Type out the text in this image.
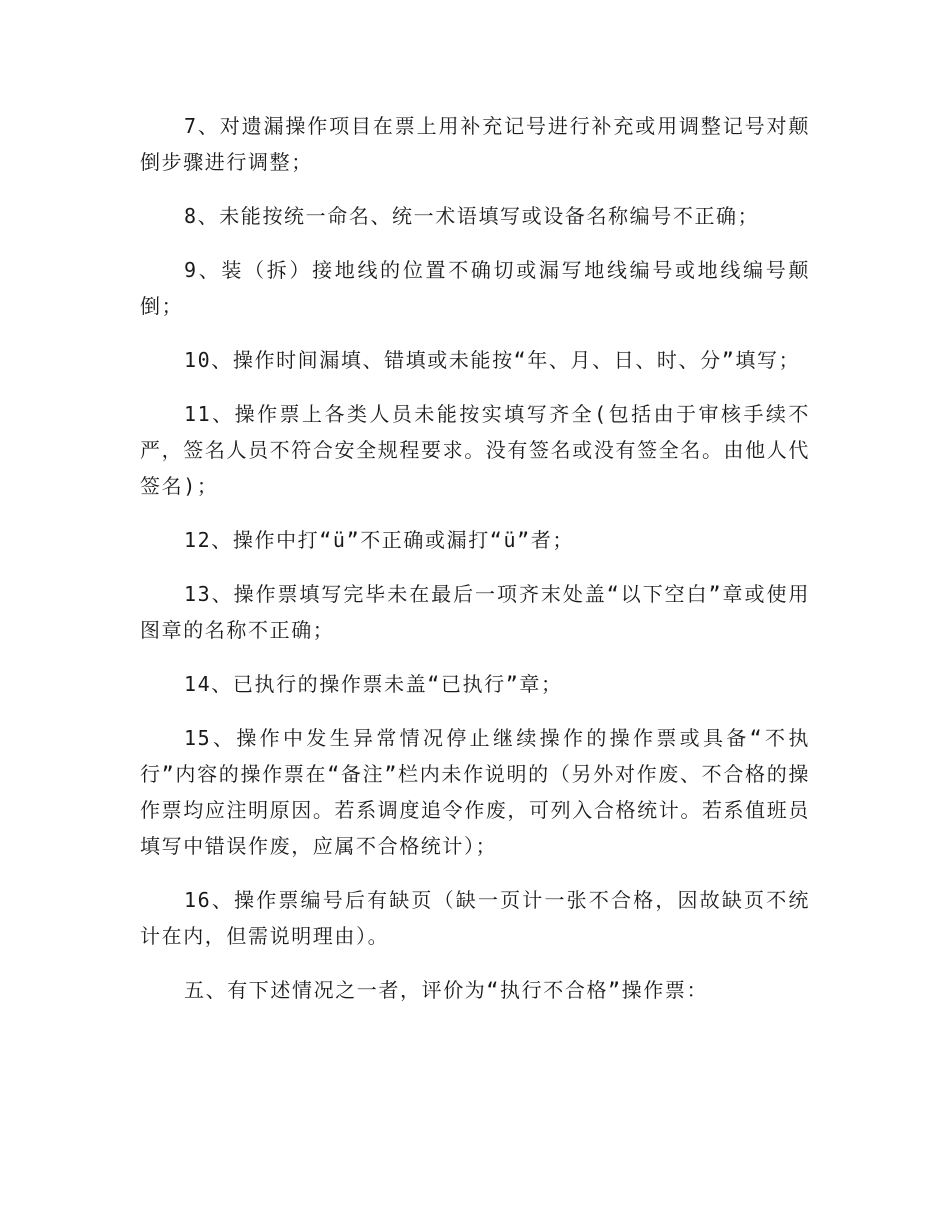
7、对遗漏操作项目在票上用补充记号进行补充或用调整记号对颠倒步骤进行调整；

8、未能按统一命名、统一术语填写或设备名称编号不正确；

9、装（拆）接地线的位置不确切或漏写地线编号或地线编号颠倒；

10、操作时间漏填、错填或未能按“年、月、日、时、分”填写；

11、操作票上各类人员未能按实填写齐全(包括由于审核手续不严，签名人员不符合安全规程要求。没有签名或没有签全名。由他人代签名)；

12、操作中打“ü”不正确或漏打“ü”者；

13、操作票填写完毕未在最后一项齐末处盖“以下空白”章或使用图章的名称不正确；

14、已执行的操作票未盖“已执行”章；

15、操作中发生异常情况停止继续操作的操作票或具备“不执行”内容的操作票在“备注”栏内未作说明的（另外对作废、不合格的操作票均应注明原因。若系调度追令作废，可列入合格统计。若系值班员填写中错误作废，应属不合格统计）；

16、操作票编号后有缺页（缺一页计一张不合格，因故缺页不统计在内，但需说明理由）。

五、有下述情况之一者，评价为“执行不合格”操作票：
